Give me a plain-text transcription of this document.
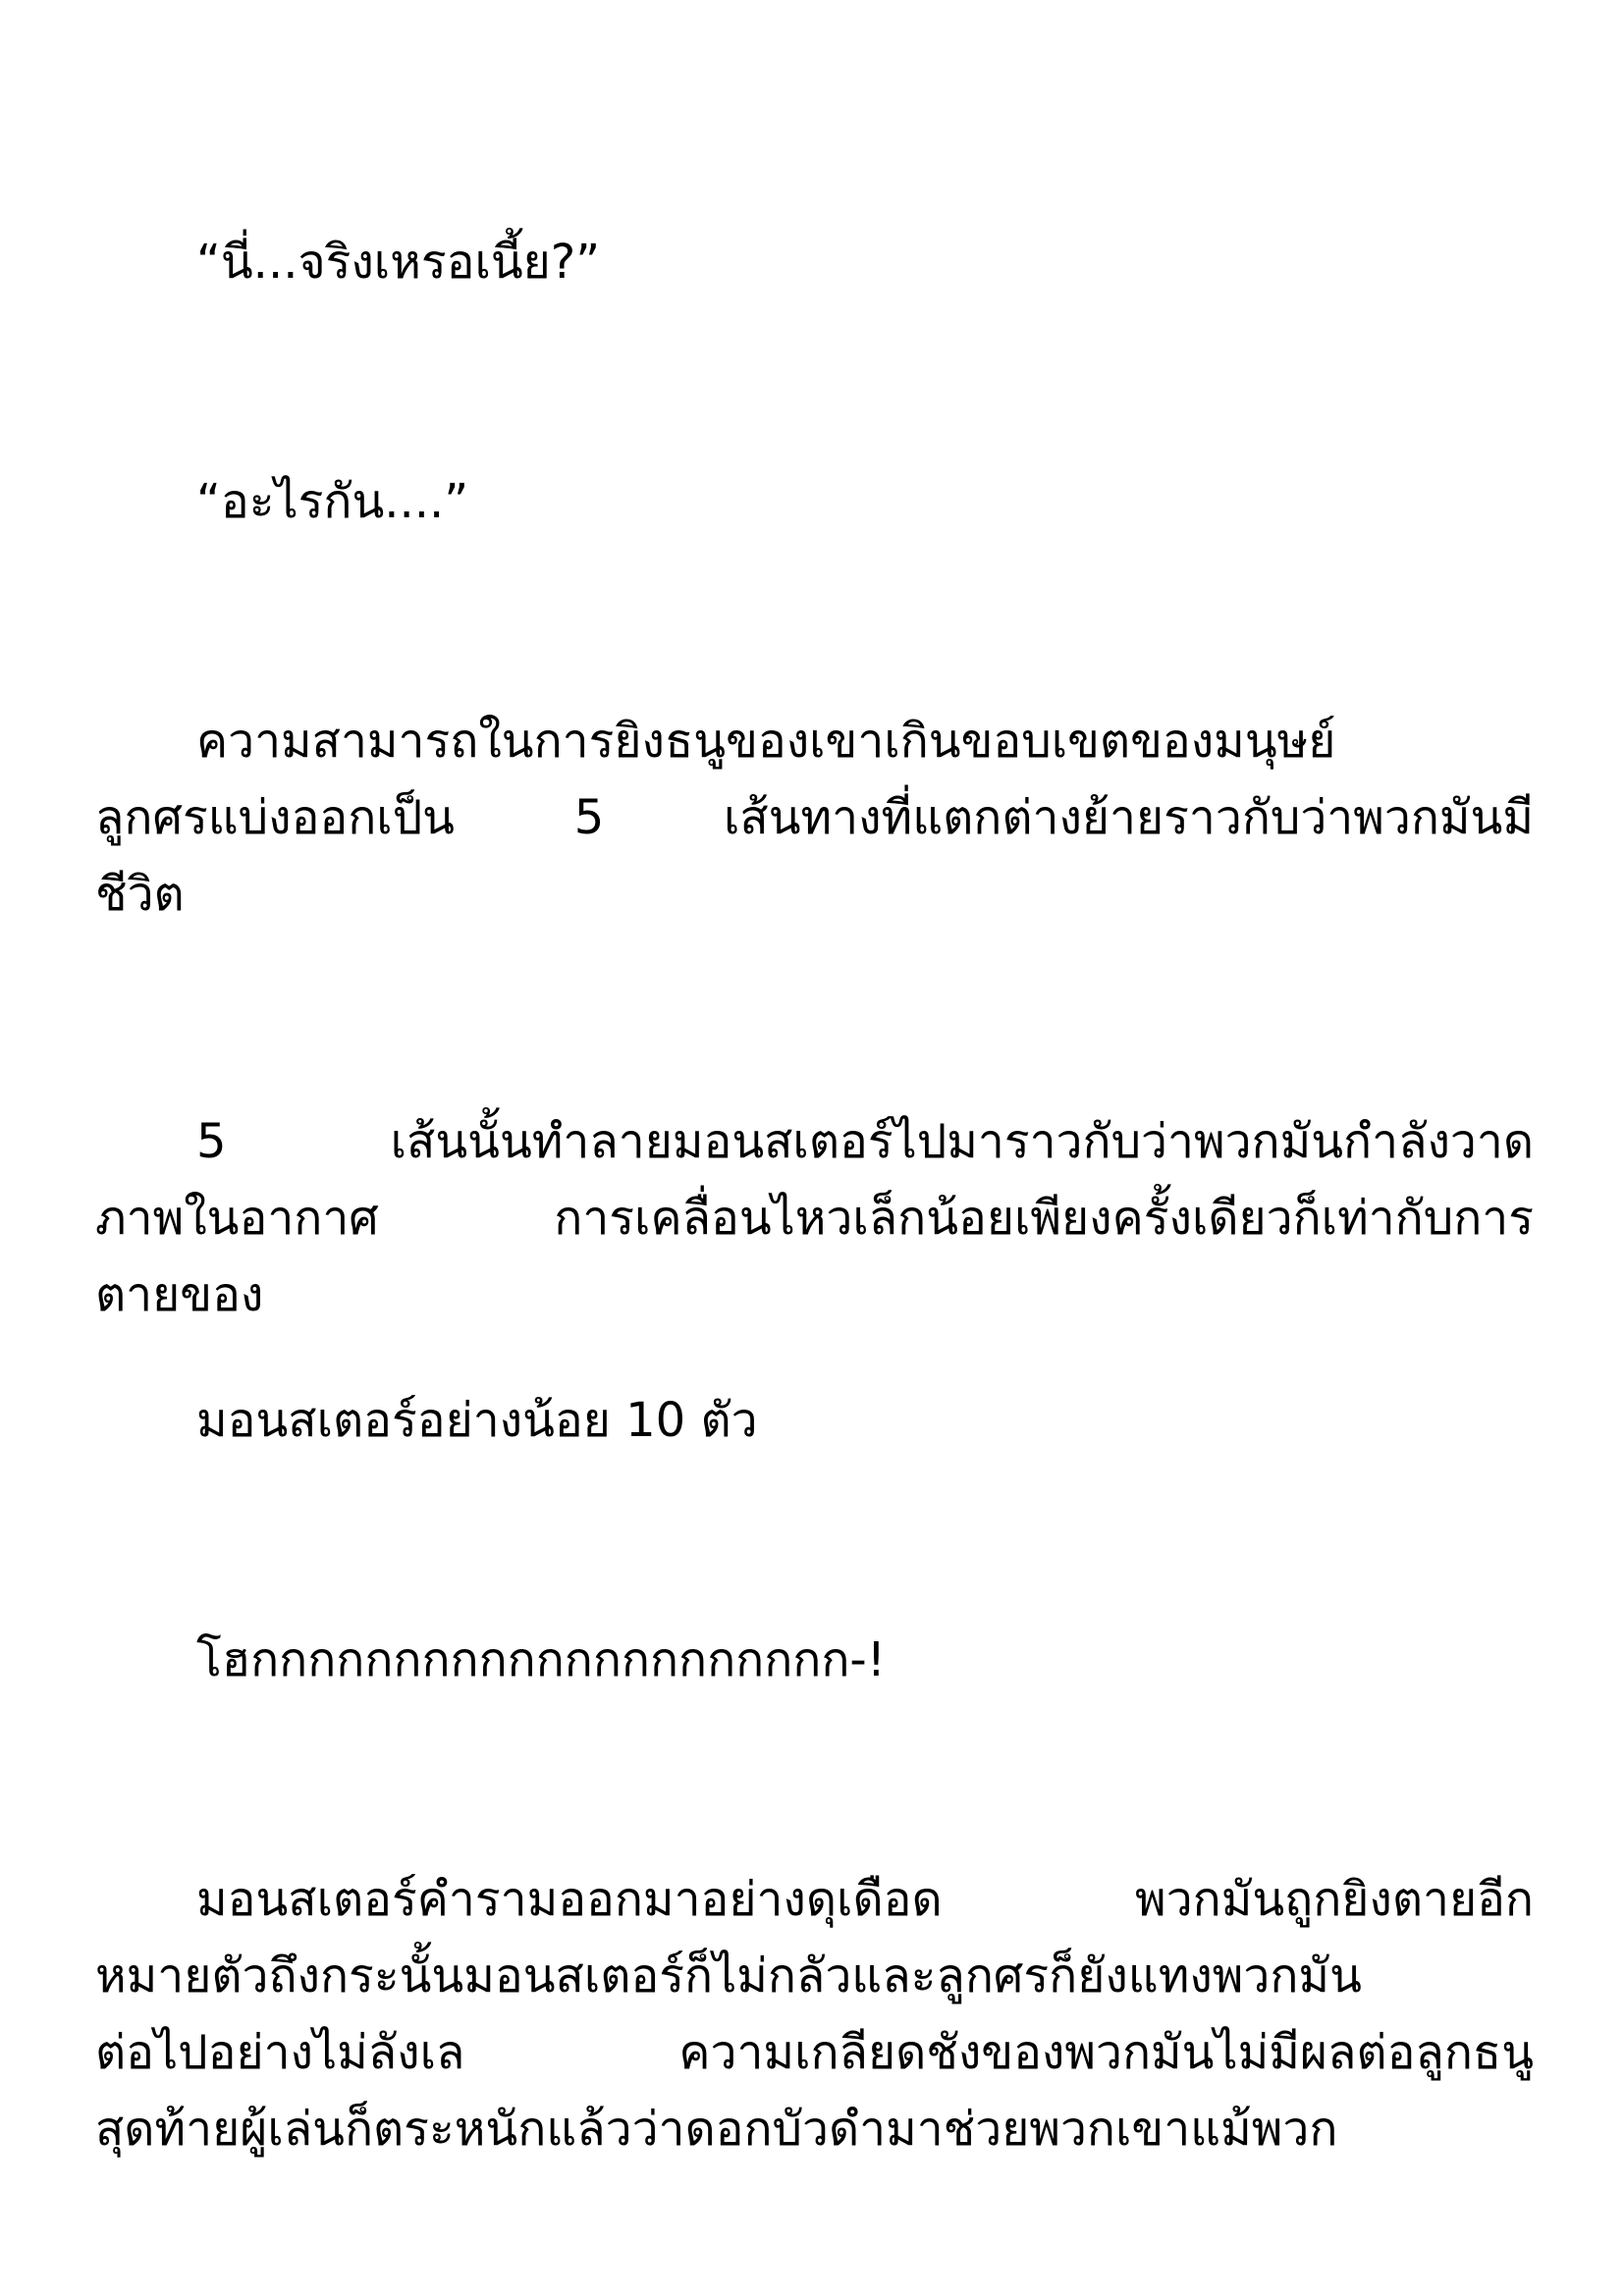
“นี่...จริงเหรอเนี้ย?”

“อะไรกัน....”

ความสามารถในการยิงธนูของเขาเกินขอบเขตของมนุษย์
ลูกศรแบ่งออกเป็น 5 เส้นทางที่แตกต่างย้ายราวกับว่าพวกมันมี
ชีวิต

5 เส้นนั้นทำลายมอนสเตอร์ไปมาราวกับว่าพวกมันกำลังวาด
ภาพในอากาศ การเคลื่อนไหวเล็กน้อยเพียงครั้งเดียวก็เท่ากับการ
ตายของ

มอนสเตอร์อย่างน้อย 10 ตัว

โฮกกกกกกกกกกกกกกกกกกกกก-!

มอนสเตอร์คำรามออกมาอย่างดุเดือด พวกมันถูกยิงตายอีก
หมายตัวถึงกระนั้นมอนสเตอร์ก็ไม่กลัวและลูกศรก็ยังแทงพวกมัน
ต่อไปอย่างไม่ลังเล ความเกลียดชังของพวกมันไม่มีผลต่อลูกธนู
สุดท้ายผู้เล่นก็ตระหนักแล้วว่าดอกบัวดำมาช่วยพวกเขาแม้พวก
